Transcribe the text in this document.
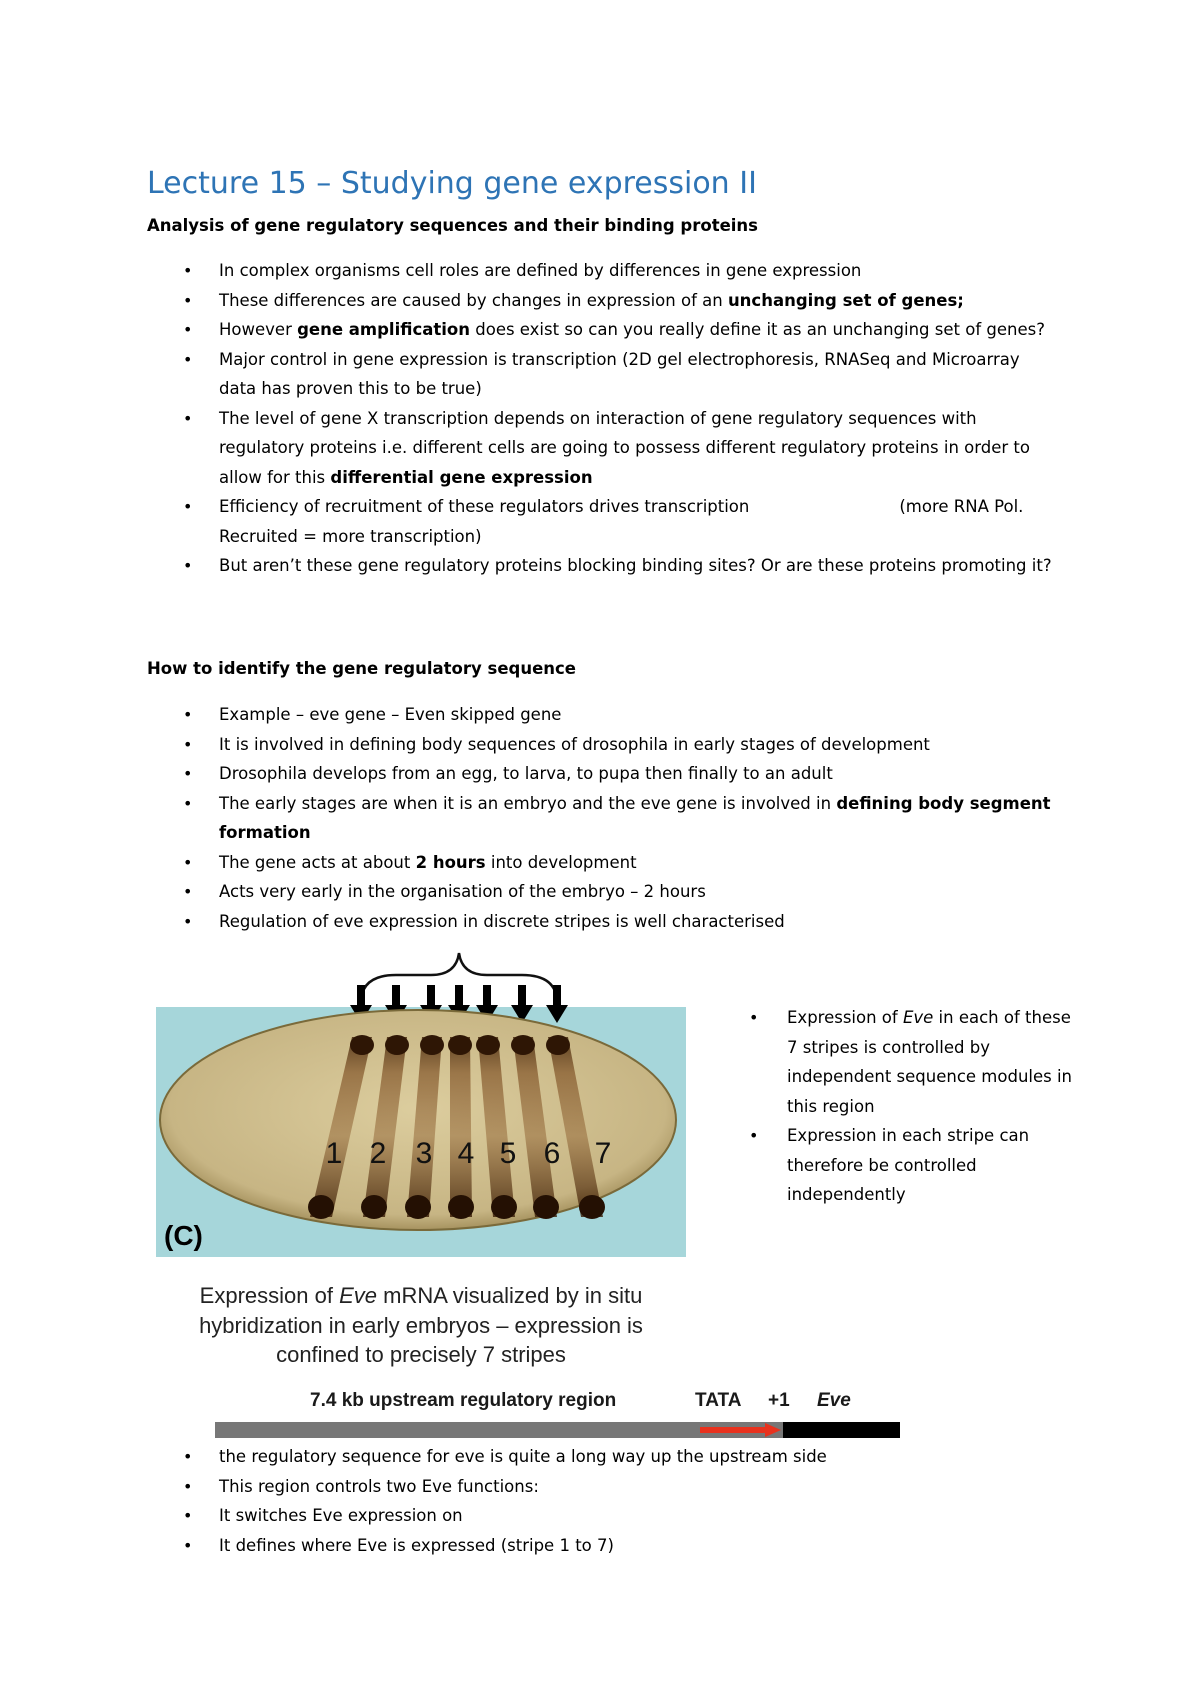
Lecture 15 – Studying gene expression II

Analysis of gene regulatory sequences and their binding proteins

• In complex organisms cell roles are defined by differences in gene expression
• These differences are caused by changes in expression of an unchanging set of genes;
• However gene amplification does exist so can you really define it as an unchanging set of genes?
• Major control in gene expression is transcription (2D gel electrophoresis, RNASeq and Microarray data has proven this to be true)
• The level of gene X transcription depends on interaction of gene regulatory sequences with regulatory proteins i.e. different cells are going to possess different regulatory proteins in order to allow for this differential gene expression
• Efficiency of recruitment of these regulators drives transcription	(more RNA Pol. Recruited = more transcription)
• But aren’t these gene regulatory proteins blocking binding sites? Or are these proteins promoting it?

How to identify the gene regulatory sequence

• Example – eve gene – Even skipped gene
• It is involved in defining body sequences of drosophila in early stages of development
• Drosophila develops from an egg, to larva, to pupa then finally to an adult
• The early stages are when it is an embryo and the eve gene is involved in defining body segment formation
• The gene acts at about 2 hours into development
• Acts very early in the organisation of the embryo – 2 hours
• Regulation of eve expression in discrete stripes is well characterised
1 2 3 4 5 6 7
(C)
Expression of Eve mRNA visualized by in situ hybridization in early embryos – expression is confined to precisely 7 stripes
• Expression of Eve in each of these 7 stripes is controlled by independent sequence modules in this region
• Expression in each stripe can therefore be controlled independently
7.4 kb upstream regulatory region	TATA +1 Eve
• the regulatory sequence for eve is quite a long way up the upstream side
• This region controls two Eve functions:
• It switches Eve expression on
• It defines where Eve is expressed (stripe 1 to 7)
